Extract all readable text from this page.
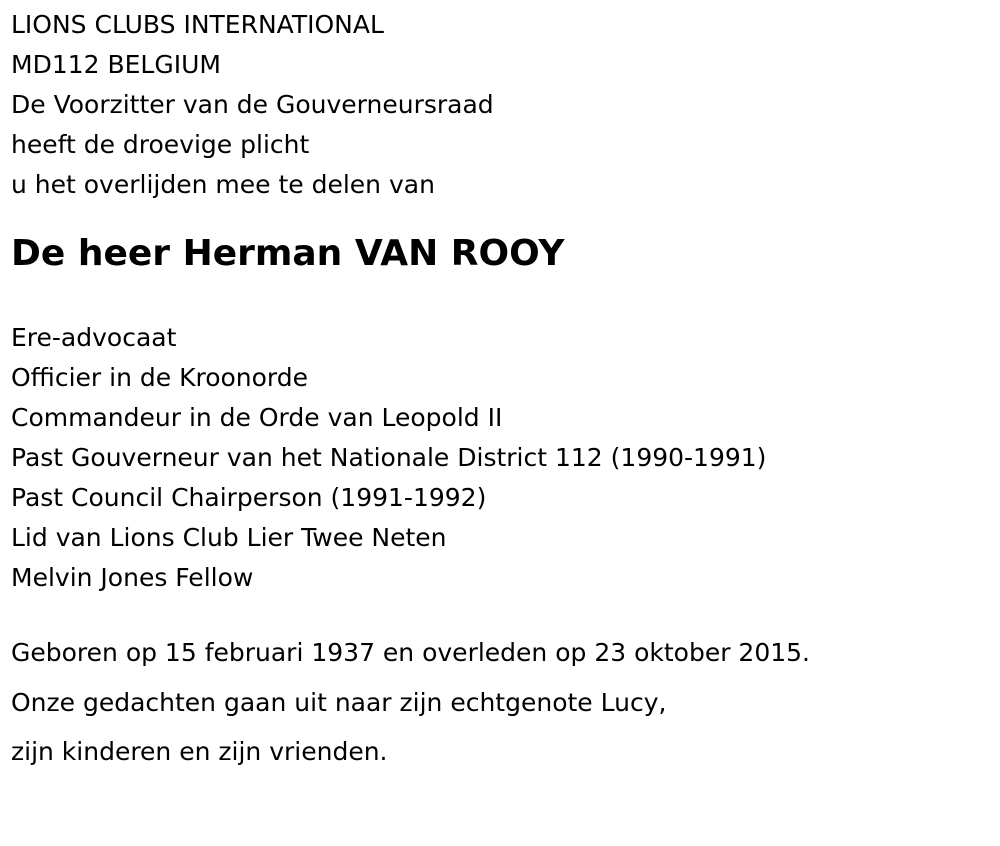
LIONS CLUBS INTERNATIONAL
MD112 BELGIUM
De Voorzitter van de Gouverneursraad
heeft de droevige plicht
u het overlijden mee te delen van
De heer Herman VAN ROOY
Ere-advocaat
Officier in de Kroonorde
Commandeur in de Orde van Leopold II
Past Gouverneur van het Nationale District 112 (1990-1991)
Past Council Chairperson (1991-1992)
Lid van Lions Club Lier Twee Neten
Melvin Jones Fellow
Geboren op 15 februari 1937 en overleden op 23 oktober 2015.
Onze gedachten gaan uit naar zijn echtgenote Lucy,
zijn kinderen en zijn vrienden.
